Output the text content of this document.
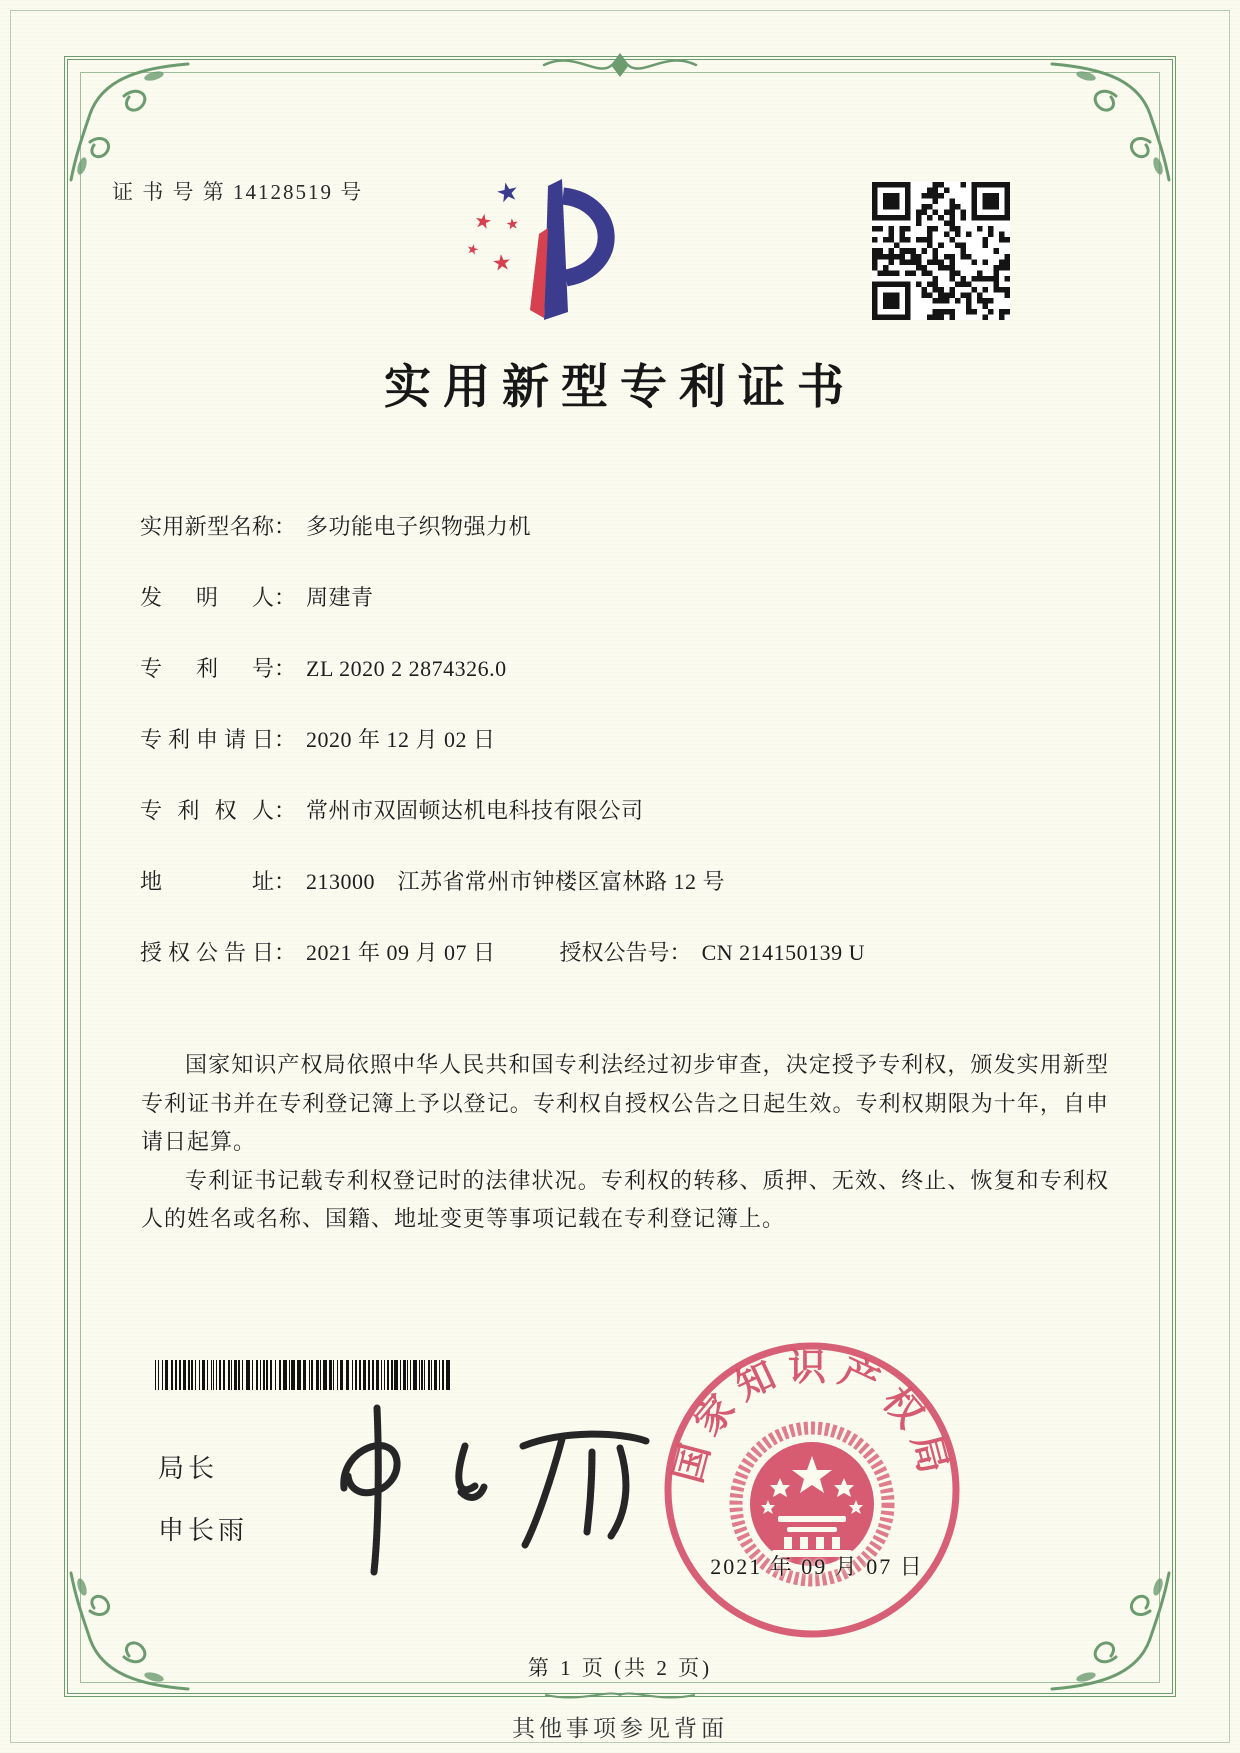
证 书 号 第 14128519 号	★
★ ★
★ ★
实用新型专利证书
实用新型名称： 多功能电子织物强力机
发明人： 周建青
专利号： ZL 2020 2 2874326.0
专利申请日： 2020 年 12 月 02 日
专利权人： 常州市双固顿达机电科技有限公司
地址： 213000　江苏省常州市钟楼区富林路 12 号
授权公告日： 2021 年 09 月 07 日	授权公告号： CN 214150139 U

国家知识产权局依照中华人民共和国专利法经过初步审查，决定授予专利权，颁发实用新型专利证书并在专利登记簿上予以登记。专利权自授权公告之日起生效。专利权期限为十年，自申请日起算。

专利证书记载专利权登记时的法律状况。专利权的转移、质押、无效、终止、恢复和专利权人的姓名或名称、国籍、地址变更等事项记载在专利登记簿上。

局长
申长雨
国家知识产权局
2021 年 09 月 07 日
第 1 页 (共 2 页)
其他事项参见背面
